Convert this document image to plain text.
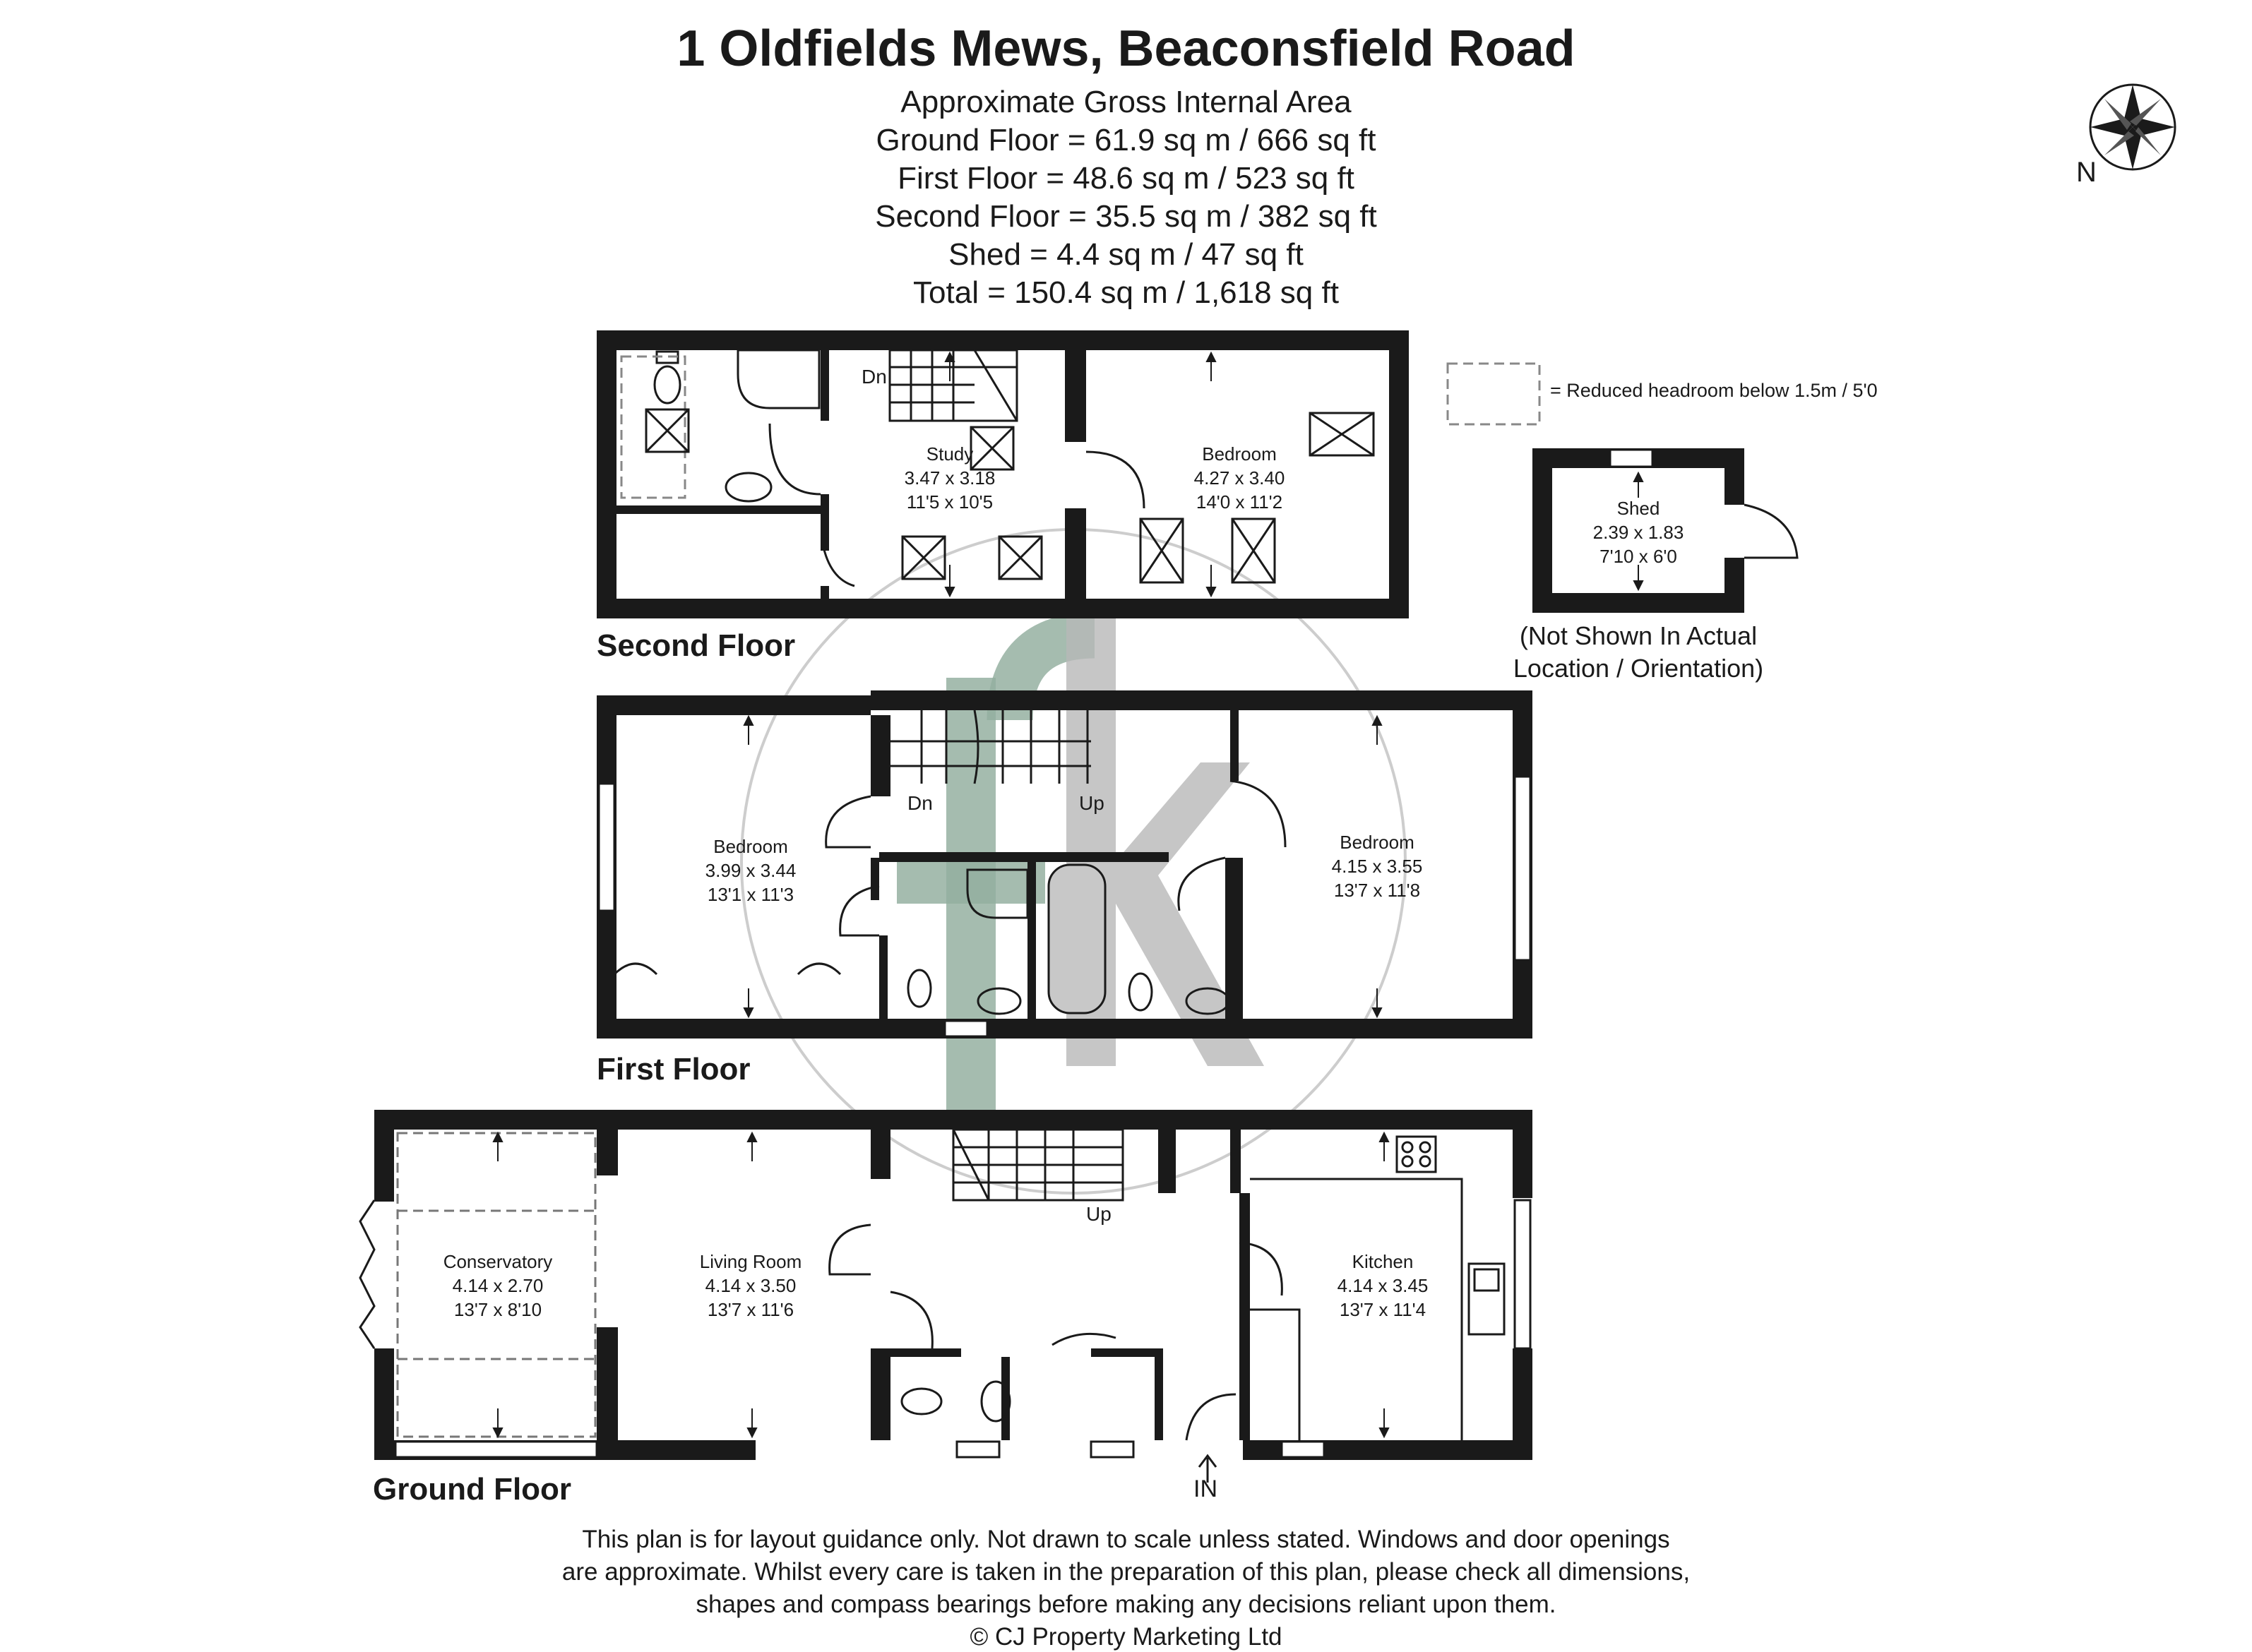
1 Oldfields Mews, Beaconsfield Road
Approximate Gross Internal Area
Ground Floor = 61.9 sq m / 666 sq ft
First Floor = 48.6 sq m / 523 sq ft
Second Floor = 35.5 sq m / 382 sq ft
Shed = 4.4 sq m / 47 sq ft
Total = 150.4 sq m / 1,618 sq ft
= Reduced headroom below 1.5m / 5'0
N
Study
3.47 x 3.18
11'5 x 10'5
Bedroom
4.27 x 3.40
14'0 x 11'2
Dn
Second Floor
Shed
2.39 x 1.83
7'10 x 6'0
(Not Shown In Actual
Location / Orientation)
Bedroom
3.99 x 3.44
13'1 x 11'3
Bedroom
4.15 x 3.55
13'7 x 11'8
Dn	Up
First Floor
Conservatory
4.14 x 2.70
13'7 x 8'10
Living Room
4.14 x 3.50
13'7 x 11'6
Kitchen
4.14 x 3.45
13'7 x 11'4
Up
IN
Ground Floor
This plan is for layout guidance only. Not drawn to scale unless stated. Windows and door openings
are approximate. Whilst every care is taken in the preparation of this plan, please check all dimensions,
shapes and compass bearings before making any decisions reliant upon them.
© CJ Property Marketing Ltd
